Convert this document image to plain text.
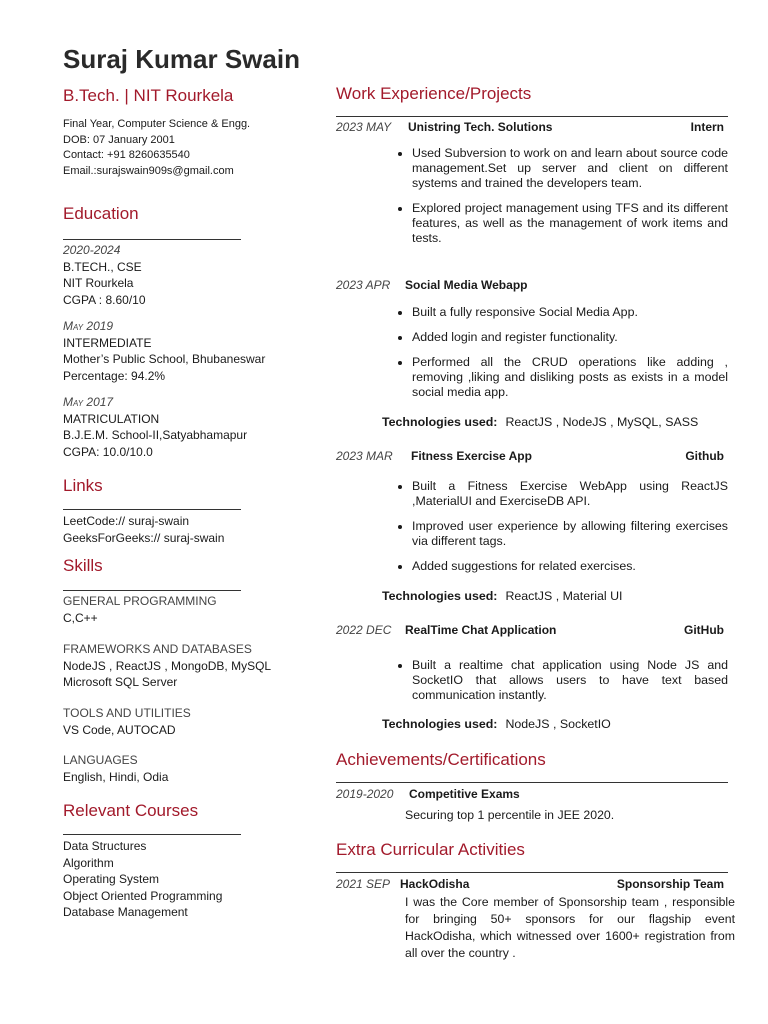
Suraj Kumar Swain
B.Tech. | NIT Rourkela
Final Year, Computer Science & Engg.
DOB: 07 January 2001
Contact: +91 8260635540
Email.:surajswain909s@gmail.com
Education
2020-2024
B.TECH., CSE
NIT Rourkela
CGPA : 8.60/10
May 2019
INTERMEDIATE
Mother’s Public School, Bhubaneswar
Percentage: 94.2%
May 2017
MATRICULATION
B.J.E.M. School-II,Satyabhamapur
CGPA: 10.0/10.0
Links
LeetCode:// suraj-swain
GeeksForGeeks:// suraj-swain
Skills
GENERAL PROGRAMMING
C,C++
FRAMEWORKS AND DATABASES
NodeJS , ReactJS , MongoDB, MySQL
Microsoft SQL Server
TOOLS AND UTILITIES
VS Code, AUTOCAD
LANGUAGES
English, Hindi, Odia
Relevant Courses
Data Structures
Algorithm
Operating System
Object Oriented Programming
Database Management
Work Experience/Projects
2023 MAY Unistring Tech. Solutions	Intern
• Used Subversion to work on and learn about source code management.Set up server and client on different systems and trained the developers team.
• Explored project management using TFS and its different features, as well as the management of work items and tests.
2023 APR Social Media Webapp
• Built a fully responsive Social Media App.
• Added login and register functionality.
• Performed all the CRUD operations like adding , removing ,liking and disliking posts as exists in a model social media app.
Technologies used: ReactJS , NodeJS , MySQL, SASS
2023 MAR Fitness Exercise App	Github
• Built a Fitness Exercise WebApp using ReactJS ,MaterialUI and ExerciseDB API.
• Improved user experience by allowing filtering exercises via different tags.
• Added suggestions for related exercises.
Technologies used: ReactJS , Material UI
2022 DEC RealTime Chat Application	GitHub
• Built a realtime chat application using Node JS and SocketIO that allows users to have text based communication instantly.
Technologies used: NodeJS , SocketIO
Achievements/Certifications
2019-2020 Competitive Exams
Securing top 1 percentile in JEE 2020.
Extra Curricular Activities
2021 SEP HackOdisha	Sponsorship Team
I was the Core member of Sponsorship team , responsible for bringing 50+ sponsors for our flagship event HackOdisha, which witnessed over 1600+ registration from all over the country .
